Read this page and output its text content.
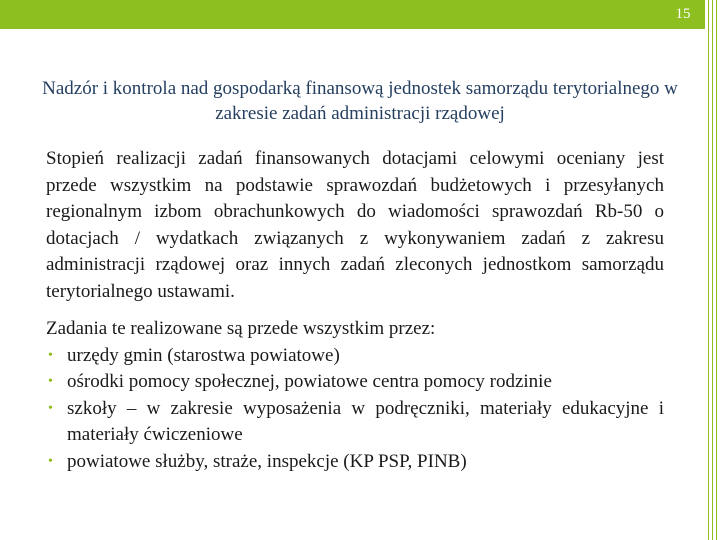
15
Nadzór i kontrola nad gospodarką finansową jednostek samorządu terytorialnego w zakresie zadań administracji rządowej
Stopień realizacji zadań finansowanych dotacjami celowymi oceniany jest przede wszystkim na podstawie sprawozdań budżetowych i przesyłanych regionalnym izbom obrachunkowych do wiadomości sprawozdań Rb-50 o dotacjach / wydatkach związanych z wykonywaniem zadań z zakresu administracji rządowej oraz innych zadań zleconych jednostkom samorządu terytorialnego ustawami.

Zadania te realizowane są przede wszystkim przez:

• urzędy gmin (starostwa powiatowe)
• ośrodki pomocy społecznej, powiatowe centra pomocy rodzinie
• szkoły – w zakresie wyposażenia w podręczniki, materiały edukacyjne i materiały ćwiczeniowe
• powiatowe służby, straże, inspekcje (KP PSP, PINB)
